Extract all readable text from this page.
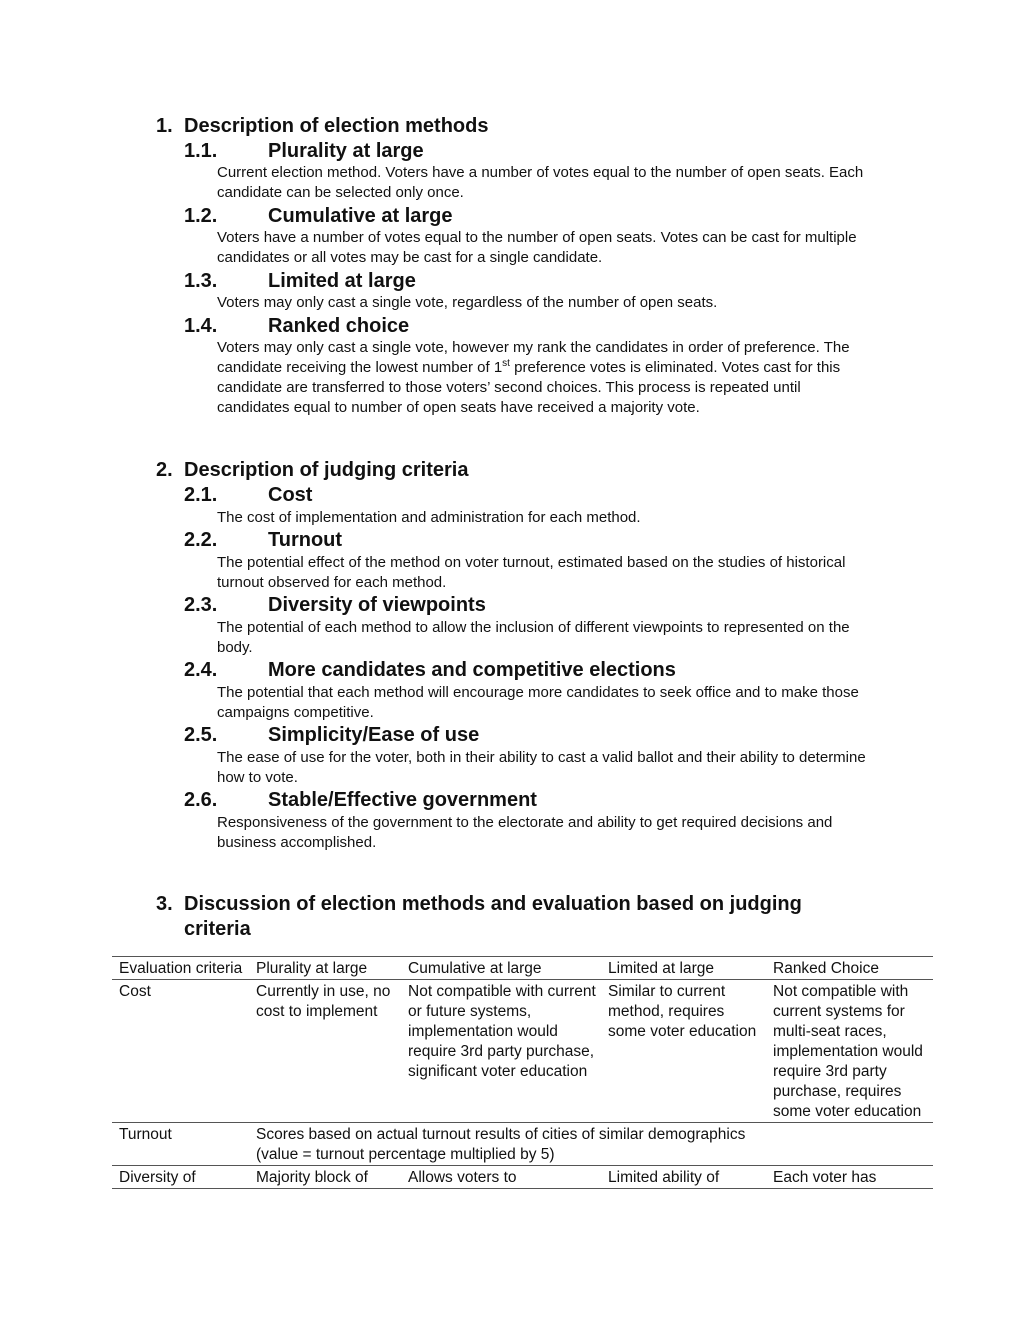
1. Description of election methods
1.1.	Plurality at large
Current election method. Voters have a number of votes equal to the number of open seats. Each candidate can be selected only once.
1.2.	Cumulative at large
Voters have a number of votes equal to the number of open seats. Votes can be cast for multiple candidates or all votes may be cast for a single candidate.
1.3.	Limited at large
Voters may only cast a single vote, regardless of the number of open seats.
1.4.	Ranked choice
Voters may only cast a single vote, however my rank the candidates in order of preference. The candidate receiving the lowest number of 1st preference votes is eliminated. Votes cast for this candidate are transferred to those voters’ second choices. This process is repeated until candidates equal to number of open seats have received a majority vote.
2. Description of judging criteria
2.1.	Cost
The cost of implementation and administration for each method.
2.2.	Turnout
The potential effect of the method on voter turnout, estimated based on the studies of historical turnout observed for each method.
2.3.	Diversity of viewpoints
The potential of each method to allow the inclusion of different viewpoints to represented on the body.
2.4.	More candidates and competitive elections
The potential that each method will encourage more candidates to seek office and to make those campaigns competitive.
2.5.	Simplicity/Ease of use
The ease of use for the voter, both in their ability to cast a valid ballot and their ability to determine how to vote.
2.6.	Stable/Effective government
Responsiveness of the government to the electorate and ability to get required decisions and business accomplished.
3. Discussion of election methods and evaluation based on judging criteria
Evaluation criteria	Plurality at large	Cumulative at large	Limited at large	Ranked Choice
Cost	Currently in use, no cost to implement	Not compatible with current or future systems, implementation would require 3rd party purchase, significant voter education	Similar to current method, requires some voter education	Not compatible with current systems for multi-seat races, implementation would require 3rd party purchase, requires some voter education
Turnout	Scores based on actual turnout results of cities of similar demographics
(value = turnout percentage multiplied by 5)			

Diversity of	Majority block of	Allows voters to	Limited ability of	Each voter has
